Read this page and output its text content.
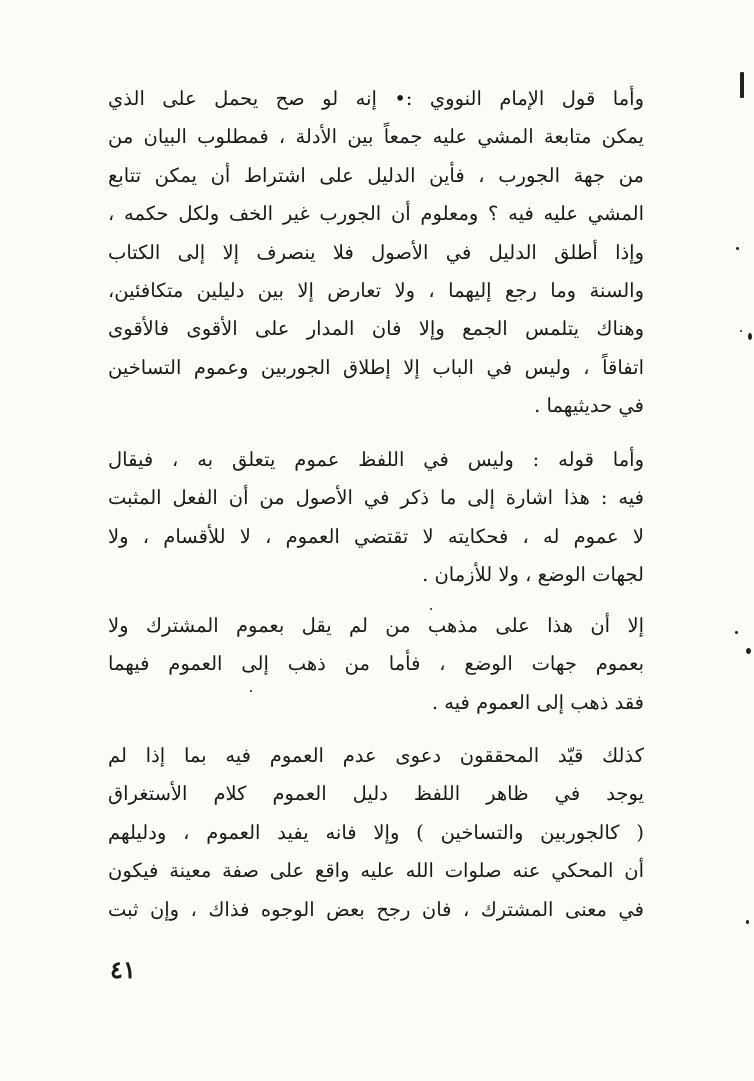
وأما قول الإمام النووي :• إنه لو صح يحمل على الذي
يمكن متابعة المشي عليه جمعاً بين الأدلة ، فمطلوب البيان من
من جهة الجورب ، فأين الدليل على اشتراط أن يمكن تتابع
المشي عليه فيه ؟ ومعلوم أن الجورب غير الخف ولكل حكمه ،
وإذا أطلق الدليل في الأصول فلا ينصرف إلا إلى الكتاب
والسنة وما رجع إليهما ، ولا تعارض إلا بين دليلين متكافئين،
وهناك يتلمس الجمع وإلا فان المدار على الأقوى فالأقوى
اتفاقاً ، وليس في الباب إلا إطلاق الجوربين وعموم التساخين
في حديثيهما .
وأما قوله : وليس في اللفظ عموم يتعلق به ، فيقال
فيه : هذا اشارة إلى ما ذكر في الأصول من أن الفعل المثبت
لا عموم له ، فحكايته لا تقتضي العموم ، لا للأقسام ، ولا
لجهات الوضع ، ولا للأزمان .
إلا أن هذا على مذهب من لم يقل بعموم المشترك ولا
بعموم جهات الوضع ، فأما من ذهب إلى العموم فيهما
فقد ذهب إلى العموم فيه .
كذلك قيّد المحققون دعوى عدم العموم فيه بما إذا لم
يوجد في ظاهر اللفظ دليل العموم كلام الأستغراق
( كالجوربين والتساخين ) وإلا فانه يفيد العموم ، ودليلهم
أن المحكي عنه صلوات الله عليه واقع على صفة معينة فيكون
في معنى المشترك ، فان رجح بعض الوجوه فذاك ، وإن ثبت
٤١
